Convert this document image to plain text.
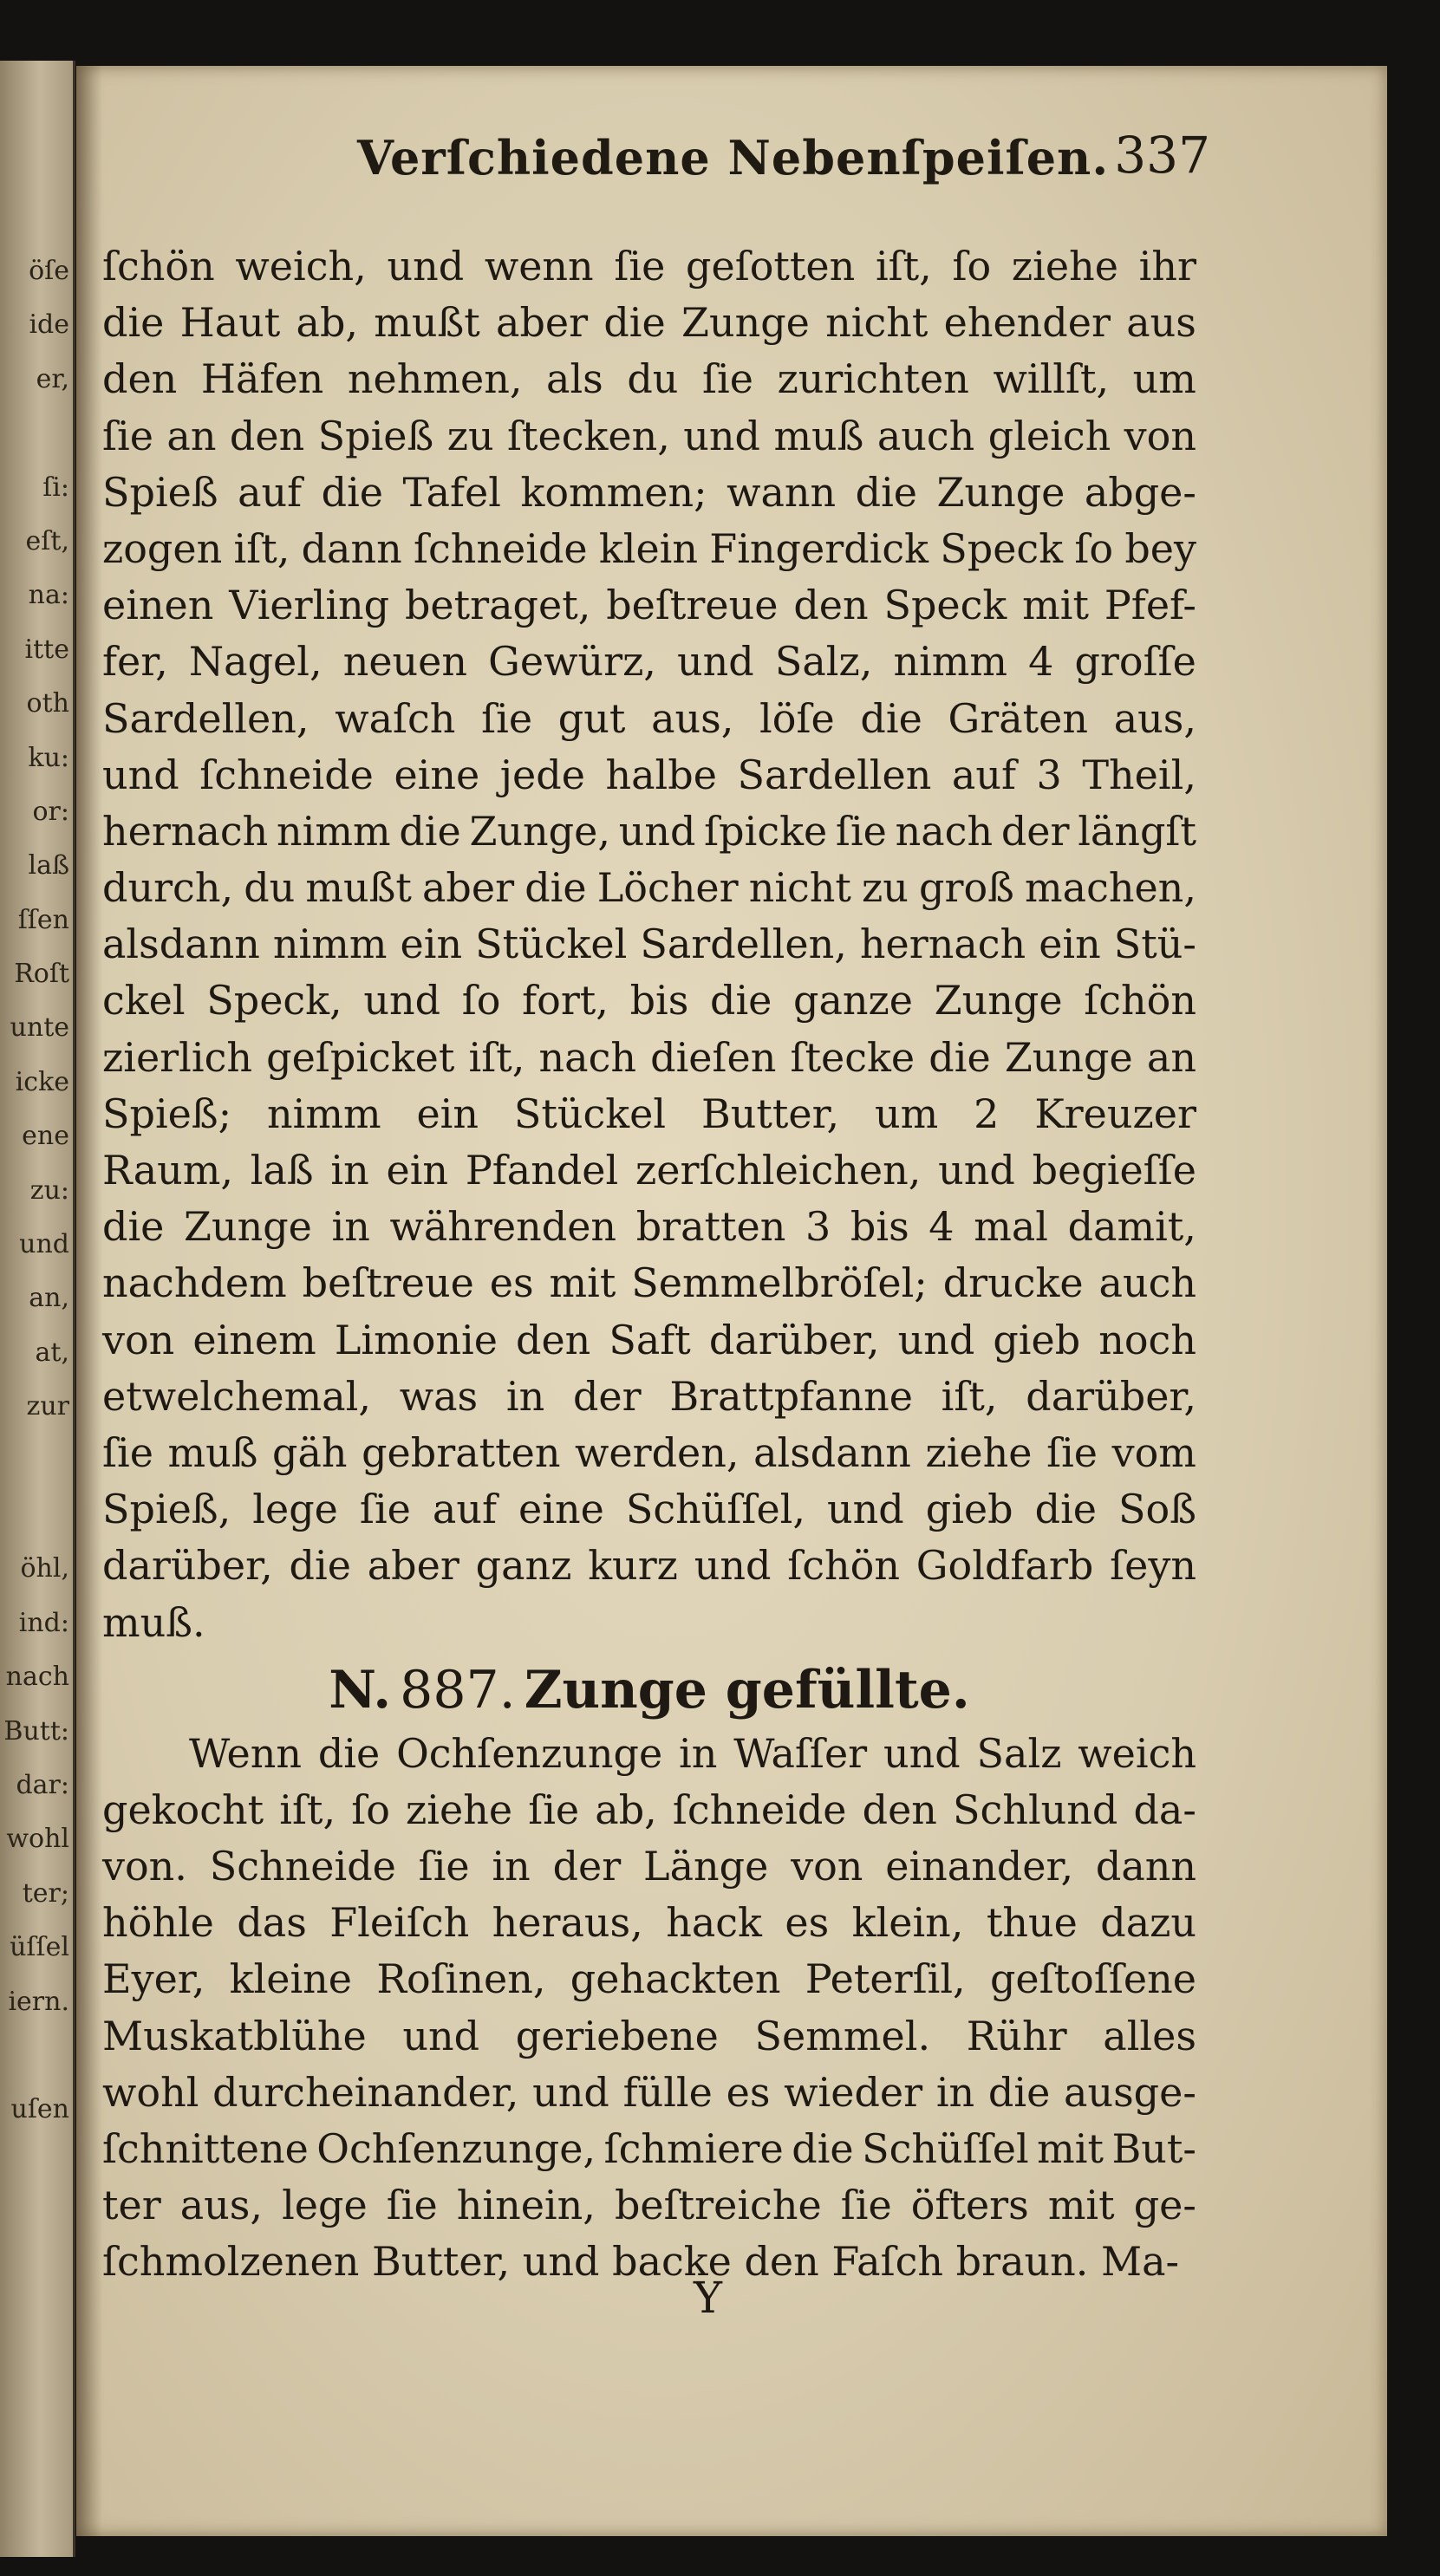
öſe
ide
er,
ſi:
eſt,
na:
itte
oth
ku:
or:
laß
ſſen
Roſt
unte
icke
ene
zu:
und
an,
at,
zur
öhl,
ind:
nach
Butt:
dar:
wohl
ter;
üſſel
iern.
uſen
Verſchiedene Nebenſpeiſen. 337
ſchön weich, und wenn ſie geſotten iſt, ſo ziehe ihr
die Haut ab, mußt aber die Zunge nicht ehender aus
den Häfen nehmen, als du ſie zurichten willſt, um
ſie an den Spieß zu ſtecken, und muß auch gleich von
Spieß auf die Tafel kommen; wann die Zunge abge-
zogen iſt, dann ſchneide klein Fingerdick Speck ſo bey
einen Vierling betraget, beſtreue den Speck mit Pfef-
fer, Nagel, neuen Gewürz, und Salz, nimm 4 groſſe
Sardellen, waſch ſie gut aus, löſe die Gräten aus,
und ſchneide eine jede halbe Sardellen auf 3 Theil,
hernach nimm die Zunge, und ſpicke ſie nach der längſt
durch, du mußt aber die Löcher nicht zu groß machen,
alsdann nimm ein Stückel Sardellen, hernach ein Stü-
ckel Speck, und ſo fort, bis die ganze Zunge ſchön
zierlich geſpicket iſt, nach dieſen ſtecke die Zunge an
Spieß; nimm ein Stückel Butter, um 2 Kreuzer
Raum, laß in ein Pfandel zerſchleichen, und begieſſe
die Zunge in währenden bratten 3 bis 4 mal damit,
nachdem beſtreue es mit Semmelbröſel; drucke auch
von einem Limonie den Saft darüber, und gieb noch
etwelchemal, was in der Brattpfanne iſt, darüber,
ſie muß gäh gebratten werden, alsdann ziehe ſie vom
Spieß, lege ſie auf eine Schüſſel, und gieb die Soß
darüber, die aber ganz kurz und ſchön Goldfarb ſeyn
muß.
N. 887. Zunge gefüllte.
Wenn die Ochſenzunge in Waſſer und Salz weich
gekocht iſt, ſo ziehe ſie ab, ſchneide den Schlund da-
von. Schneide ſie in der Länge von einander, dann
höhle das Fleiſch heraus, hack es klein, thue dazu
Eyer, kleine Roſinen, gehackten Peterſil, geſtoſſene
Muskatblühe und geriebene Semmel. Rühr alles
wohl durcheinander, und fülle es wieder in die ausge-
ſchnittene Ochſenzunge, ſchmiere die Schüſſel mit But-
ter aus, lege ſie hinein, beſtreiche ſie öfters mit ge-
ſchmolzenen Butter, und backe den Faſch braun. Ma-
Y
